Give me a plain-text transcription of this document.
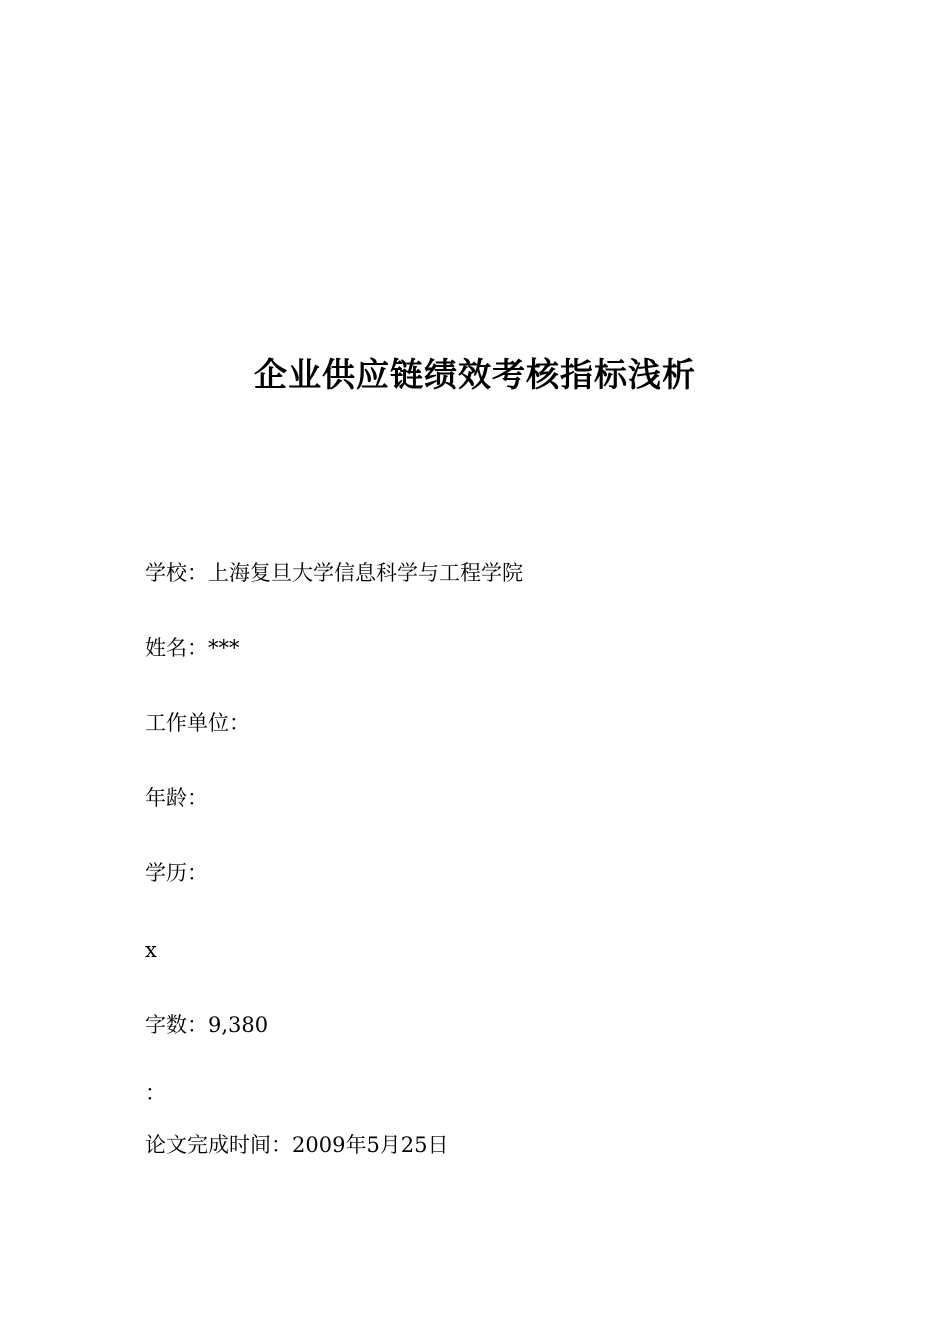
企业供应链绩效考核指标浅析
学校：上海复旦大学信息科学与工程学院
姓名：***
工作单位：
年龄：
学历：
x
字数：9,380
：
论文完成时间：2009年5月25日
